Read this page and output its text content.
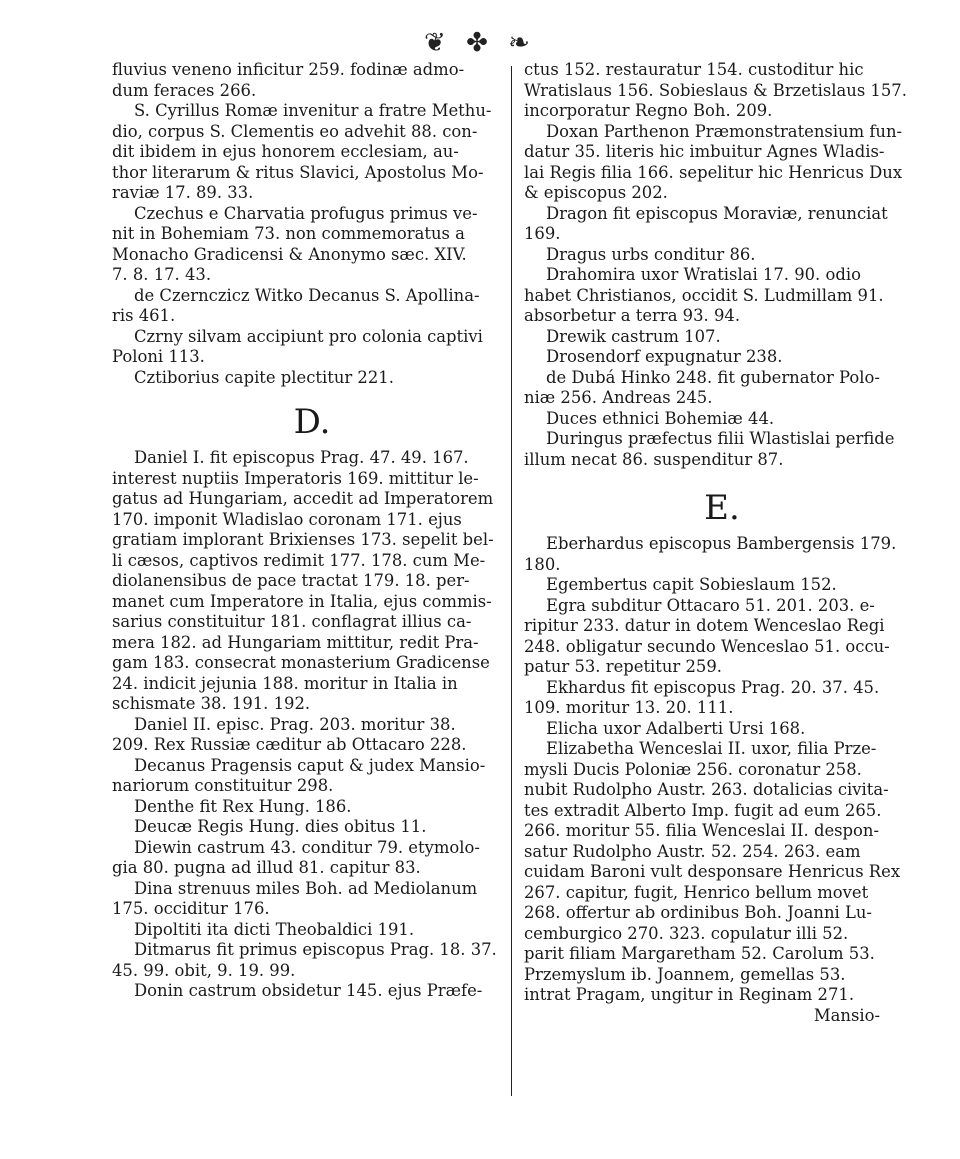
❦ ✤ ❧
fluvius veneno inficitur 259. fodinæ admo-
dum feraces 266.
S. Cyrillus Romæ invenitur a fratre Methu-
dio, corpus S. Clementis eo advehit 88. con-
dit ibidem in ejus honorem ecclesiam, au-
thor literarum & ritus Slavici, Apostolus Mo-
raviæ 17. 89. 33.
Czechus e Charvatia profugus primus ve-
nit in Bohemiam 73. non commemoratus a
Monacho Gradicensi & Anonymo sæc. XIV.
7. 8. 17. 43.
de Czernczicz Witko Decanus S. Apollina-
ris 461.
Czrny silvam accipiunt pro colonia captivi
Poloni 113.
Cztiborius capite plectitur 221.
D.
Daniel I. fit episcopus Prag. 47. 49. 167.
interest nuptiis Imperatoris 169. mittitur le-
gatus ad Hungariam, accedit ad Imperatorem
170. imponit Wladislao coronam 171. ejus
gratiam implorant Brixienses 173. sepelit bel-
li cæsos, captivos redimit 177. 178. cum Me-
diolanensibus de pace tractat 179. 18. per-
manet cum Imperatore in Italia, ejus commis-
sarius constituitur 181. conflagrat illius ca-
mera 182. ad Hungariam mittitur, redit Pra-
gam 183. consecrat monasterium Gradicense
24. indicit jejunia 188. moritur in Italia in
schismate 38. 191. 192.
Daniel II. episc. Prag. 203. moritur 38.
209. Rex Russiæ cæditur ab Ottacaro 228.
Decanus Pragensis caput & judex Mansio-
nariorum constituitur 298.
Denthe fit Rex Hung. 186.
Deucæ Regis Hung. dies obitus 11.
Diewin castrum 43. conditur 79. etymolo-
gia 80. pugna ad illud 81. capitur 83.
Dina strenuus miles Boh. ad Mediolanum
175. occiditur 176.
Dipoltiti ita dicti Theobaldici 191.
Ditmarus fit primus episcopus Prag. 18. 37.
45. 99. obit, 9. 19. 99.
Donin castrum obsidetur 145. ejus Præfe-
ctus 152. restauratur 154. custoditur hic
Wratislaus 156. Sobieslaus & Brzetislaus 157.
incorporatur Regno Boh. 209.
Doxan Parthenon Præmonstratensium fun-
datur 35. literis hic imbuitur Agnes Wladis-
lai Regis filia 166. sepelitur hic Henricus Dux
& episcopus 202.
Dragon fit episcopus Moraviæ, renunciat
169.
Dragus urbs conditur 86.
Drahomira uxor Wratislai 17. 90. odio
habet Christianos, occidit S. Ludmillam 91.
absorbetur a terra 93. 94.
Drewik castrum 107.
Drosendorf expugnatur 238.
de Dubá Hinko 248. fit gubernator Polo-
niæ 256. Andreas 245.
Duces ethnici Bohemiæ 44.
Duringus præfectus filii Wlastislai perfide
illum necat 86. suspenditur 87.
E.
Eberhardus episcopus Bambergensis 179.
180.
Egembertus capit Sobieslaum 152.
Egra subditur Ottacaro 51. 201. 203. e-
ripitur 233. datur in dotem Wenceslao Regi
248. obligatur secundo Wenceslao 51. occu-
patur 53. repetitur 259.
Ekhardus fit episcopus Prag. 20. 37. 45.
109. moritur 13. 20. 111.
Elicha uxor Adalberti Ursi 168.
Elizabetha Wenceslai II. uxor, filia Prze-
mysli Ducis Poloniæ 256. coronatur 258.
nubit Rudolpho Austr. 263. dotalicias civita-
tes extradit Alberto Imp. fugit ad eum 265.
266. moritur 55. filia Wenceslai II. despon-
satur Rudolpho Austr. 52. 254. 263. eam
cuidam Baroni vult desponsare Henricus Rex
267. capitur, fugit, Henrico bellum movet
268. offertur ab ordinibus Boh. Joanni Lu-
cemburgico 270. 323. copulatur illi 52.
parit filiam Margaretham 52. Carolum 53.
Przemyslum ib. Joannem, gemellas 53.
intrat Pragam, ungitur in Reginam 271.
Mansio-
